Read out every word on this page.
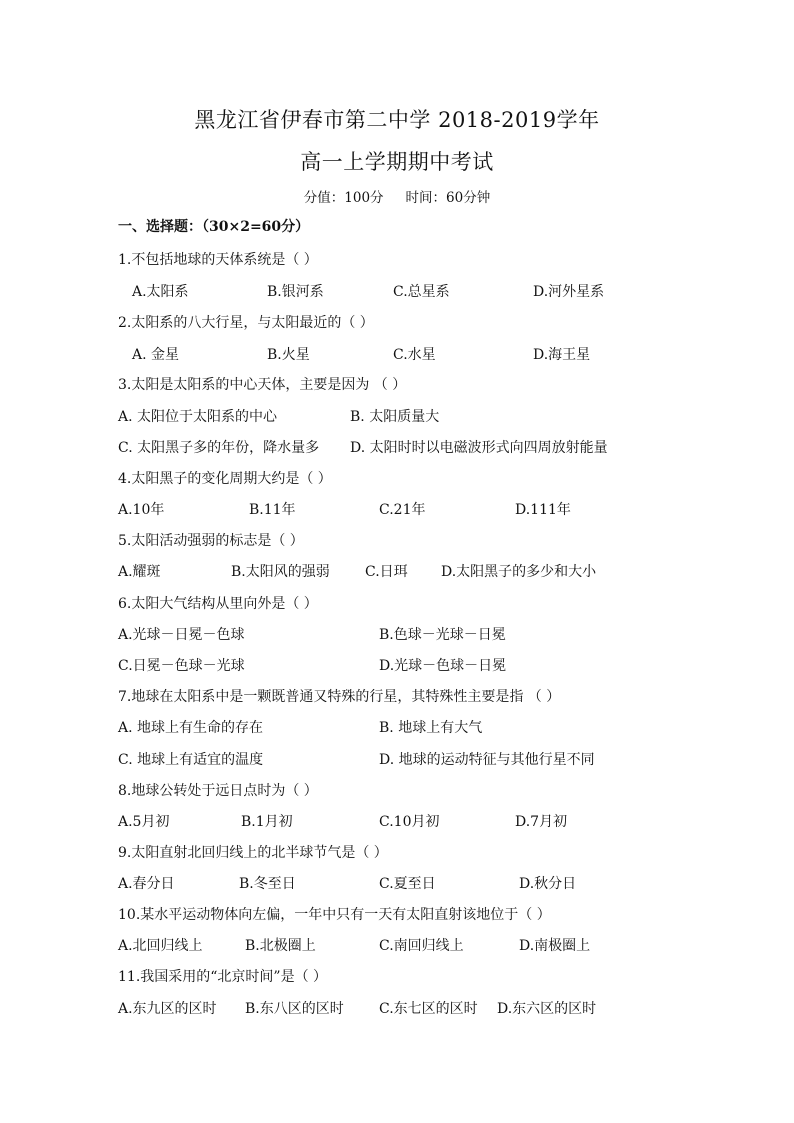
黑龙江省伊春市第二中学 2018-2019学年
高一上学期期中考试
分值：100分 时间：60分钟
一、选择题：（30×2=60分）
1.不包括地球的天体系统是（ ）
A.太阳系	B.银河系	C.总星系	D.河外星系
2.太阳系的八大行星，与太阳最近的（ ）
A. 金星	B.火星	C.水星	D.海王星
3.太阳是太阳系的中心天体，主要是因为 （ ）
A. 太阳位于太阳系的中心	B. 太阳质量大
C. 太阳黑子多的年份，降水量多 D. 太阳时时以电磁波形式向四周放射能量
4.太阳黑子的变化周期大约是（ ）
A.10年	B.11年	C.21年	D.111年
5.太阳活动强弱的标志是（ ）
A.耀斑	B.太阳风的强弱	C.日珥 D.太阳黑子的多少和大小
6.太阳大气结构从里向外是（ ）
A.光球－日冕－色球	B.色球－光球－日冕
C.日冕－色球－光球	D.光球－色球－日冕
7.地球在太阳系中是一颗既普通又特殊的行星，其特殊性主要是指 （ ）
A. 地球上有生命的存在	B. 地球上有大气
C. 地球上有适宜的温度	D. 地球的运动特征与其他行星不同
8.地球公转处于远日点时为（ ）
A.5月初	B.1月初	C.10月初	D.7月初
9.太阳直射北回归线上的北半球节气是（ ）
A.春分日	B.冬至日	C.夏至日	D.秋分日
10.某水平运动物体向左偏，一年中只有一天有太阳直射该地位于（ ）
A.北回归线上	B.北极圈上	C.南回归线上	D.南极圈上
11.我国采用的“北京时间”是（ ）
A.东九区的区时 B.东八区的区时	C.东七区的区时 D.东六区的区时
